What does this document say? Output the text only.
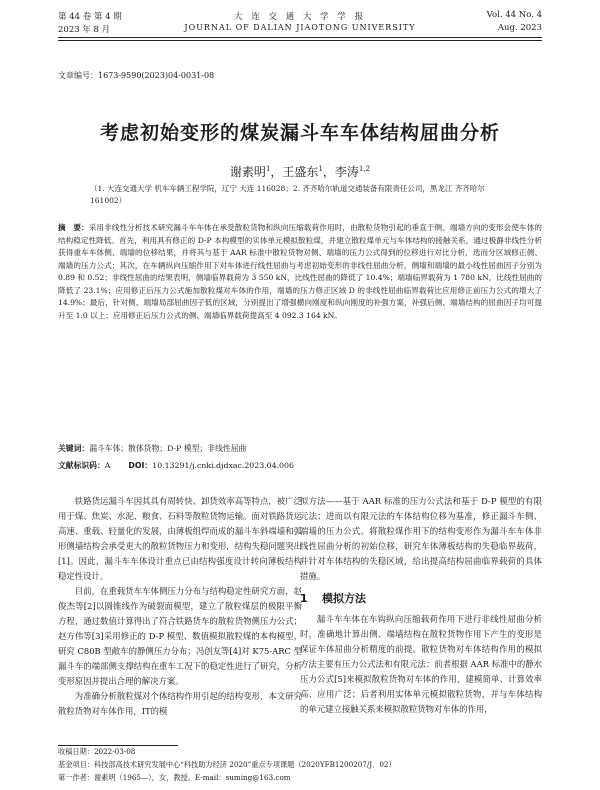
第 44 卷 第 4 期
2023 年 8 月
大 连 交 通 大 学 学 报
JOURNAL OF DALIAN JIAOTONG UNIVERSITY
Vol. 44 No. 4
Aug. 2023
文章编号：1673-9590(2023)04-0031-08
考虑初始变形的煤炭漏斗车车体结构屈曲分析
谢素明$^1$，王盛东$^1$，李涛$^{1,2}$
（1. 大连交通大学 机车车辆工程学院，辽宁 大连 116028；2. 齐齐哈尔轨道交通装备有限责任公司，黑龙江 齐齐哈尔 161002）
摘　要：采用非线性分析技术研究漏斗车车体在承受散粒货物和纵向压缩载荷作用时，由散粒货物引起的垂直于侧、端墙方向的变形会使车体的结构稳定性降低。首先，利用具有修正的 D-P 本构模型的实体单元模拟散粒煤，并建立散粒煤单元与车体结构的接触关系，通过极静非线性分析获得重车车体侧、端墙的位移结果，并将其与基于 AAR 标准中散粒货物对侧、端墙的压力公式得到的位移进行对比分析，选而分区域修正侧、端墙的压力公式；其次，在车辆纵向压缩作用下对车体进行线性屈曲与考虑初始变形的非线性屈曲分析，侧墙和端墙的最小线性屈曲因子分别为 0.89 和 0.52；非线性屈曲的结果表明，侧墙临界载荷为 3 550 kN，比线性屈曲的降低了 10.4%；端墙临界载荷为 1 780 kN，比线性屈曲的降低了 23.1%；应用修正后压力公式施加散粒煤对车体的作用，端墙的压力修正区域 D 的非线性屈曲临界载荷比应用修正前压力公式的增大了 14.9%；最后，针对侧、端墙局部屈曲因子低的区域，分别提出了增强横向刚度和纵向刚度的补强方案，补强后侧、端墙结构的屈曲因子均可提升至 1.0 以上；应用修正后压力公式的侧、端墙临界载荷提高至 4 092.3 164 kN。
关键词：漏斗车体；散体货物；D-P 模型；非线性屈曲
文献标识码：A DOI：10.13291/j.cnki.djdxac.2023.04.006

铁路货运漏斗车因其具有周转快、卸货效率高等特点，被广泛用于煤、焦炭、水泥、粮食、石料等散粒货物运输。面对铁路货运高速、重载、轻量化的发展，由薄板组焊而成的漏斗车斜端墙和弧形侧墙结构会承受更大的散粒货物压力和变形，结构失稳问题突出[1]。因此，漏斗车车体设计重点已由结构强度设计转向薄板结构稳定性设计。

目前，在重载货车车体侧压力分布与结构稳定性研究方面，赵俊杰等[2]以圆锥线作为破裂面模型，建立了散粒煤层的极限平衡方程，通过数值计算得出了符合铁路货车的散粒货物侧压力公式；赵方伟等[3]采用修正的 D-P 模型、数值模拟散粒煤的本构模型，研究 C80B 型敞车的静侧压力分布；冯创友等[4]对 K75-ARC 型漏斗车的端部侧支撑结构在重车工况下的稳定性进行了研究，分析变形原因并提出合理的解决方案。

为准确分析散粒煤对个体结构作用引起的结构变形，本文研究散粒货物对车体作用，IT的模

拟方法——基于 AAR 标准的压力公式法和基于 D-P 模型的有限元法；进而以有限元法的车体结构位移为基准，修正漏斗车侧、端墙的压力公式。将散粒煤作用下的结构变形作为漏斗车车体非线性屈曲分析的初始位移，研究车体薄板结构的失稳临界载荷，并针对车体结构的失稳区域，给出提高结构屈曲临界载荷的具体措施。

1 模拟方法

漏斗车车体在车钩纵向压缩载荷作用下进行非线性屈曲分析时，准确地计算出侧、端墙结构在散粒货物作用下产生的变形是保证车体屈曲分析精度的前提。散粒货物对车体结构作用的模拟方法主要有压力公式法和有限元法：前者根据 AAR 标准中的静水压力公式[5]来模拟散粒货物对车体的作用，建模简单、计算效率高、应用广泛；后者利用实体单元模拟散粒货物，并与车体结构的单元建立接触关系来模拟散粒货物对车体的作用，

收稿日期：2022-03-08
基金项目：科技部高技术研究发展中心“科技助力经济 2020”重点专项课题（2020YFB1200207/J．02）
第一作者：谢素明（1965—），女，教授。E-mail：suming@163.com
